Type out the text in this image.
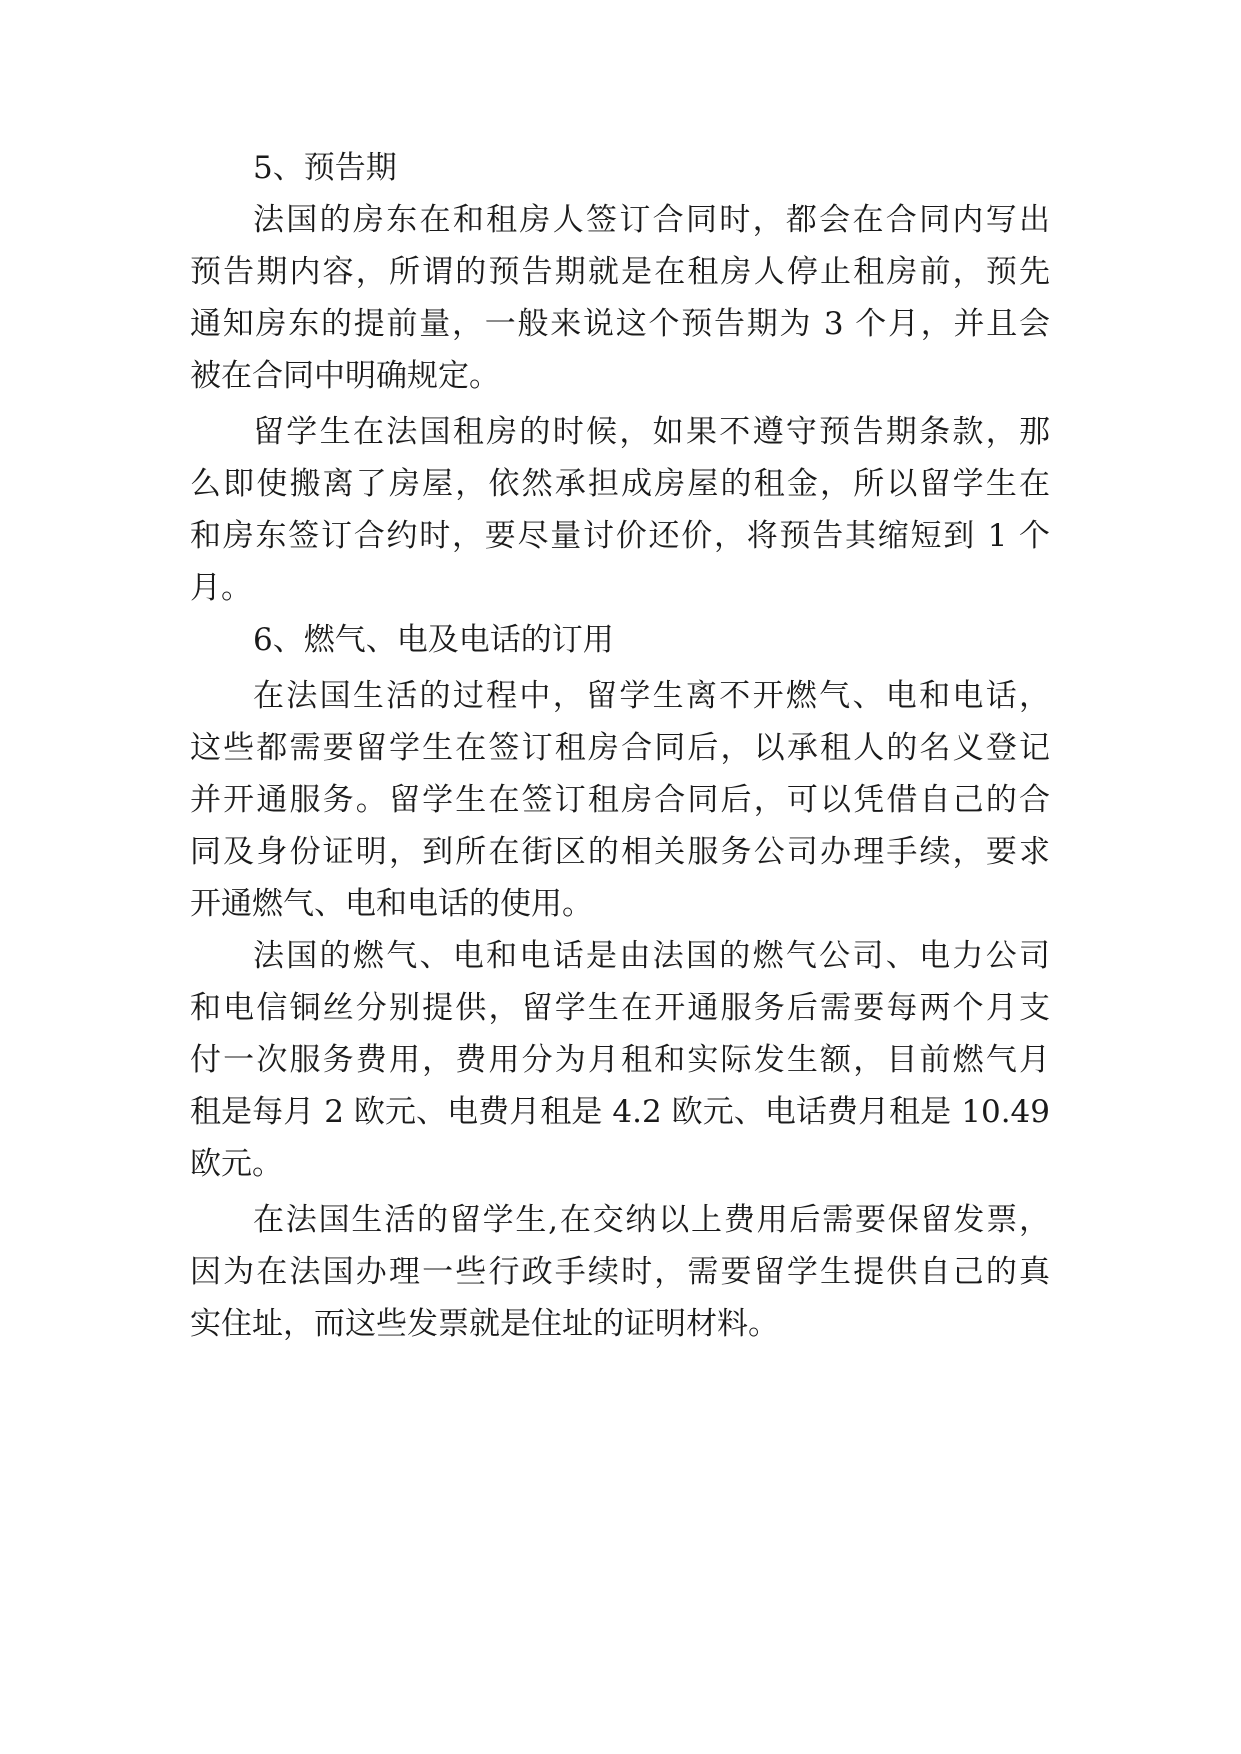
5、预告期
法国的房东在和租房人签订合同时，都会在合同内写出
预告期内容，所谓的预告期就是在租房人停止租房前，预先
通知房东的提前量，一般来说这个预告期为 3 个月，并且会
被在合同中明确规定。
留学生在法国租房的时候，如果不遵守预告期条款，那
么即使搬离了房屋，依然承担成房屋的租金，所以留学生在
和房东签订合约时，要尽量讨价还价，将预告其缩短到 1 个
月。
6、燃气、电及电话的订用
在法国生活的过程中，留学生离不开燃气、电和电话，
这些都需要留学生在签订租房合同后，以承租人的名义登记
并开通服务。留学生在签订租房合同后，可以凭借自己的合
同及身份证明，到所在街区的相关服务公司办理手续，要求
开通燃气、电和电话的使用。
法国的燃气、电和电话是由法国的燃气公司、电力公司
和电信铜丝分别提供，留学生在开通服务后需要每两个月支
付一次服务费用，费用分为月租和实际发生额，目前燃气月
租是每月 2 欧元、电费月租是 4.2 欧元、电话费月租是 10.49
欧元。
在法国生活的留学生,在交纳以上费用后需要保留发票，
因为在法国办理一些行政手续时，需要留学生提供自己的真
实住址，而这些发票就是住址的证明材料。
